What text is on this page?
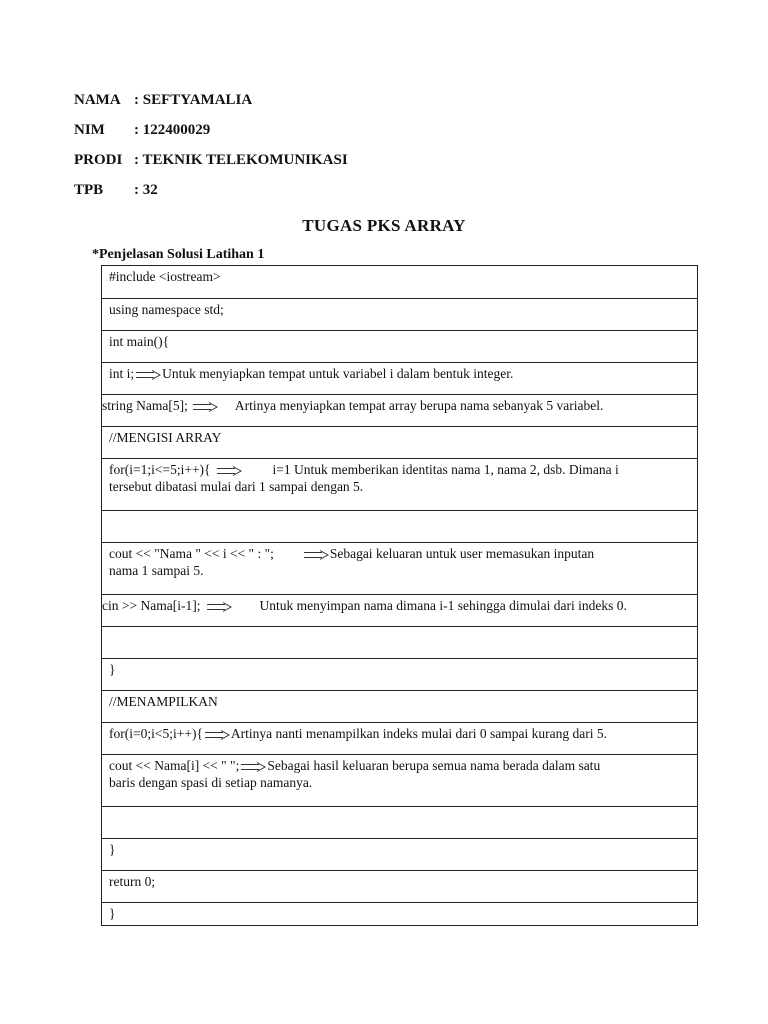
NAMA : SEFTYAMALIA
NIM : 122400029
PRODI : TEKNIK TELEKOMUNIKASI
TPB : 32
TUGAS PKS ARRAY
*Penjelasan Solusi Latihan 1
#include <iostream>
using namespace std;
int main(){
int i; Untuk menyiapkan tempat untuk variabel i dalam bentuk integer.
string Nama[5];	Artinya menyiapkan tempat array berupa nama sebanyak 5 variabel.
//MENGISI ARRAY
for(i=1;i<=5;i++){	i=1 Untuk memberikan identitas nama 1, nama 2, dsb. Dimana i
tersebut dibatasi mulai dari 1 sampai dengan 5.

cout << "Nama " << i << " : ";	Sebagai keluaran untuk user memasukan inputan
nama 1 sampai 5.
cin >> Nama[i-1];	Untuk menyimpan nama dimana i-1 sehingga dimulai dari indeks 0.

}
//MENAMPILKAN
for(i=0;i<5;i++){ Artinya nanti menampilkan indeks mulai dari 0 sampai kurang dari 5.
cout << Nama[i] << " "; Sebagai hasil keluaran berupa semua nama berada dalam satu
baris dengan spasi di setiap namanya.

}
return 0;
}
